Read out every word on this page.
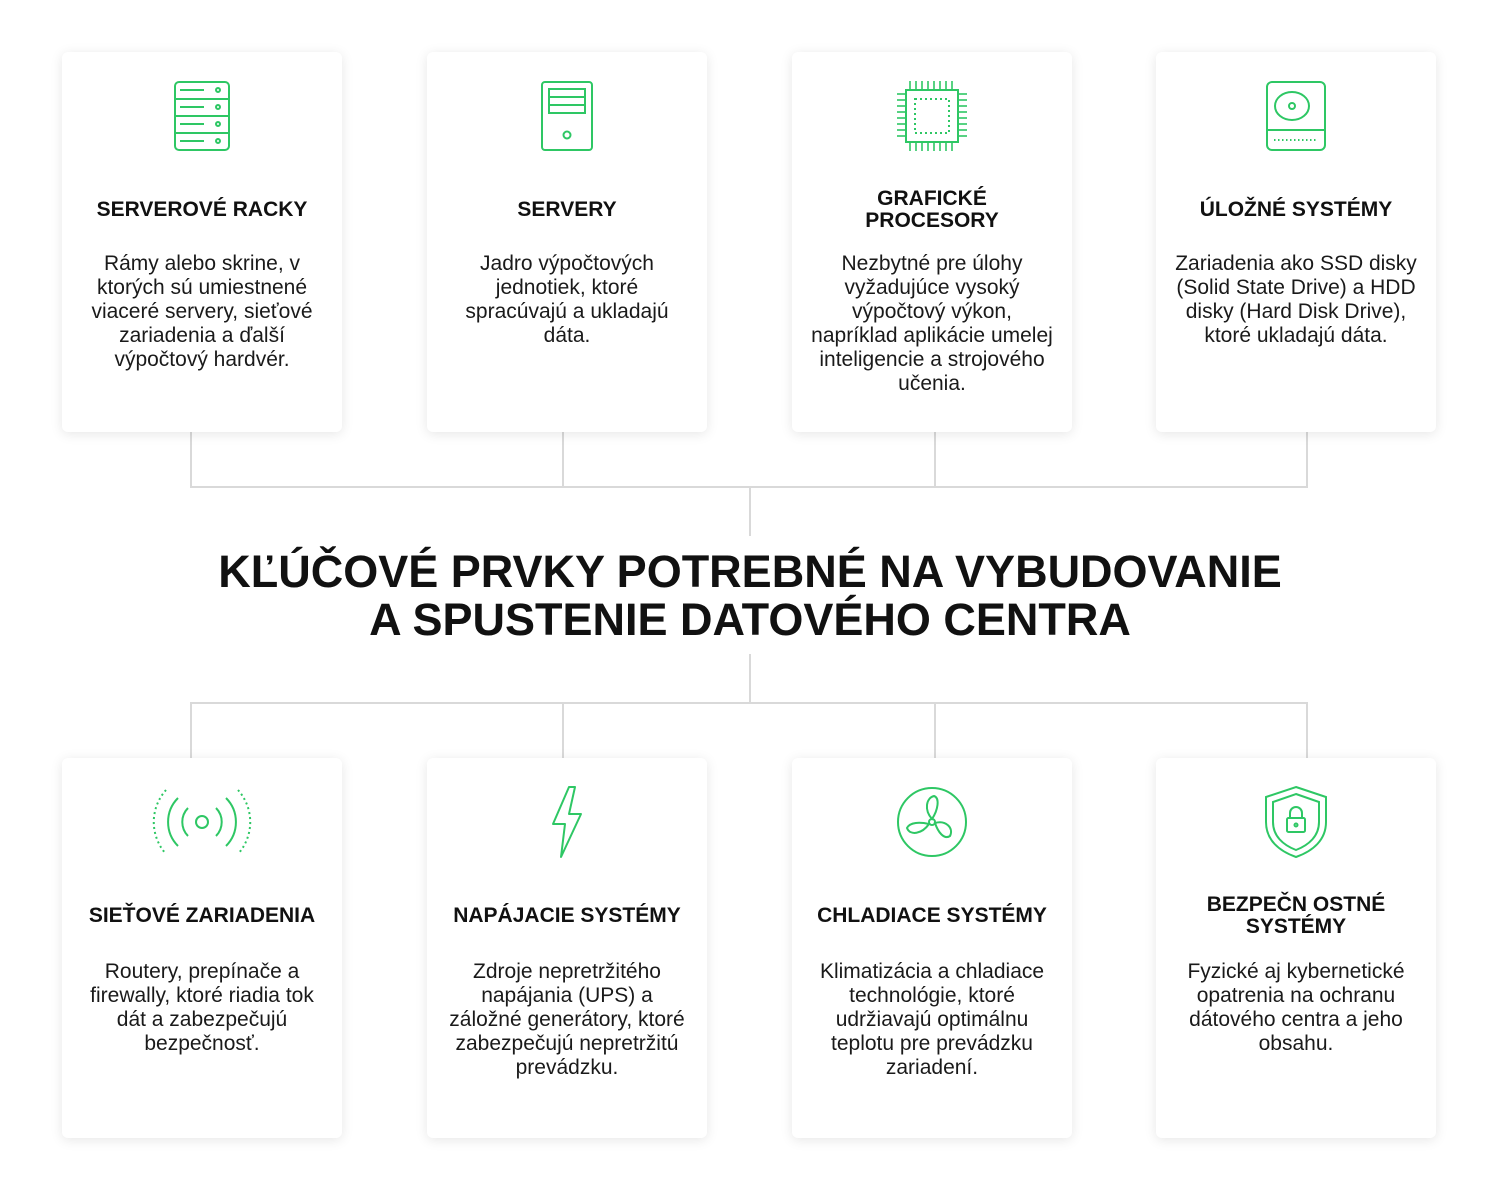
KĽÚČOVÉ PRVKY POTREBNÉ NA VYBUDOVANIE
A SPUSTENIE DATOVÉHO CENTRA
SERVEROVÉ RACKY
Rámy alebo skrine, v ktorých sú umiestnené viaceré servery, sieťové zariadenia a ďalší výpočtový hardvér.
SERVERY
Jadro výpočtových jednotiek, ktoré spracúvajú a ukladajú dáta.
GRAFICKÉ PROCESORY
Nezbytné pre úlohy vyžadujúce vysoký výpočtový výkon, napríklad aplikácie umelej inteligencie a strojového učenia.
ÚLOŽNÉ SYSTÉMY
Zariadenia ako SSD disky (Solid State Drive) a HDD disky (Hard Disk Drive), ktoré ukladajú dáta.
SIEŤOVÉ ZARIADENIA
Routery, prepínače a firewally, ktoré riadia tok dát a zabezpečujú bezpečnosť.
NAPÁJACIE SYSTÉMY
Zdroje nepretržitého napájania (UPS) a záložné generátory, ktoré zabezpečujú nepretržitú prevádzku.
CHLADIACE SYSTÉMY
Klimatizácia a chladiace technológie, ktoré udržiavajú optimálnu teplotu pre prevádzku zariadení.
BEZPEČN OSTNÉ SYSTÉMY
Fyzické aj kybernetické opatrenia na ochranu dátového centra a jeho obsahu.
